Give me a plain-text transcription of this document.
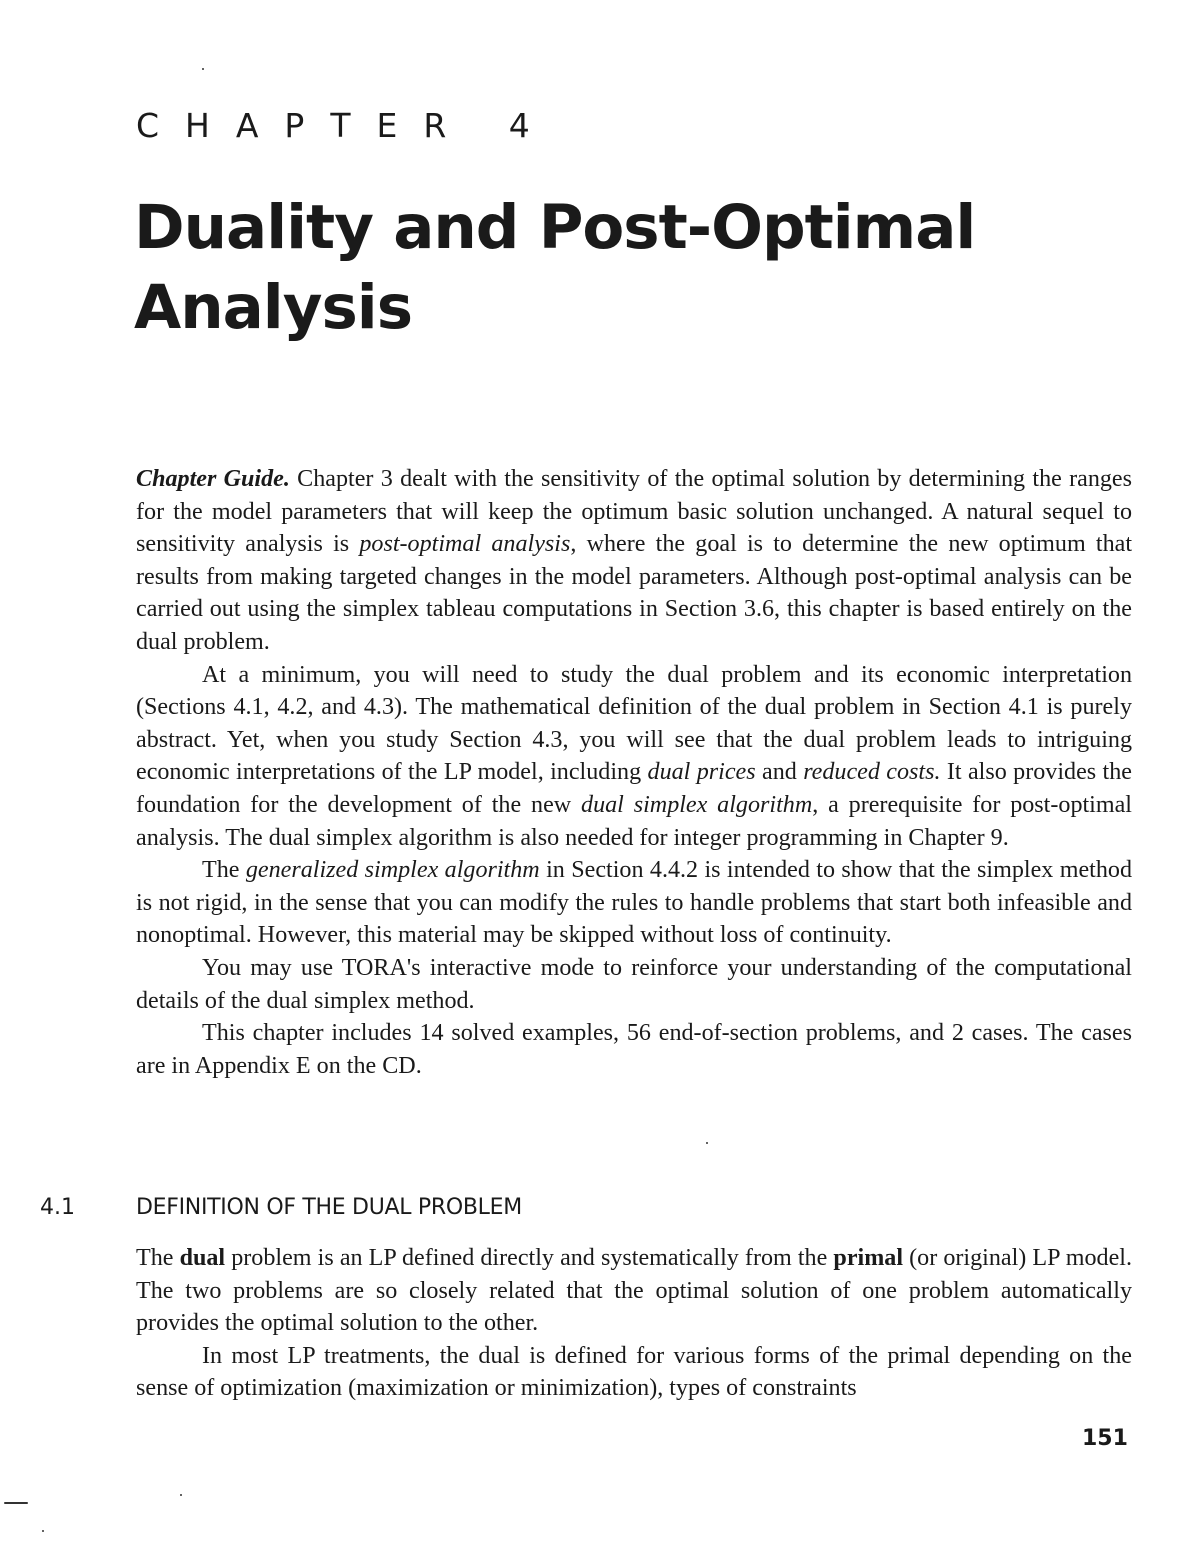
CHAPTER 4
Duality and Post-Optimal Analysis

Chapter Guide. Chapter 3 dealt with the sensitivity of the optimal solution by determining the ranges for the model parameters that will keep the optimum basic solution unchanged. A natural sequel to sensitivity analysis is post-optimal analysis, where the goal is to determine the new optimum that results from making targeted changes in the model parameters. Although post-optimal analysis can be carried out using the simplex tableau computations in Section 3.6, this chapter is based entirely on the dual problem.

At a minimum, you will need to study the dual problem and its economic interpretation (Sections 4.1, 4.2, and 4.3). The mathematical definition of the dual problem in Section 4.1 is purely abstract. Yet, when you study Section 4.3, you will see that the dual problem leads to intriguing economic interpretations of the LP model, including dual prices and reduced costs. It also provides the foundation for the development of the new dual simplex algorithm, a prerequisite for post-optimal analysis. The dual simplex algorithm is also needed for integer programming in Chapter 9.

The generalized simplex algorithm in Section 4.4.2 is intended to show that the simplex method is not rigid, in the sense that you can modify the rules to handle problems that start both infeasible and nonoptimal. However, this material may be skipped without loss of continuity.

You may use TORA's interactive mode to reinforce your understanding of the computational details of the dual simplex method.

This chapter includes 14 solved examples, 56 end-of-section problems, and 2 cases. The cases are in Appendix E on the CD.

4.1	DEFINITION OF THE DUAL PROBLEM

The dual problem is an LP defined directly and systematically from the primal (or original) LP model. The two problems are so closely related that the optimal solution of one problem automatically provides the optimal solution to the other.

In most LP treatments, the dual is defined for various forms of the primal depending on the sense of optimization (maximization or minimization), types of constraints

151
